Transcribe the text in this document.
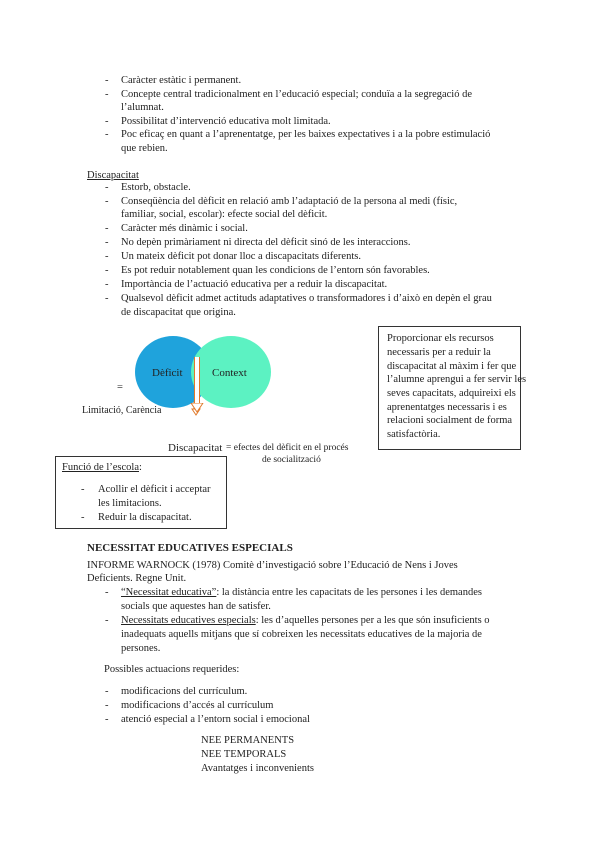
- Caràcter estàtic i permanent.
- Concepte central tradicionalment en l’educació especial; conduïa a la segregació de
l’alumnat.
- Possibilitat d’intervenció educativa molt limitada.
- Poc eficaç en quant a l’aprenentatge, per les baixes expectatives i a la pobre estimulació
que rebien.
Discapacitat
- Estorb, obstacle.
- Conseqüència del dèficit en relació amb l’adaptació de la persona al medi (físic,
familiar, social, escolar): efecte social del dèficit.
- Caràcter més dinàmic i social.
- No depèn primàriament ni directa del dèficit sinó de les interaccions.
- Un mateix dèficit pot donar lloc a discapacitats diferents.
- Es pot reduir notablement quan les condicions de l’entorn són favorables.
- Importància de l’actuació educativa per a reduir la discapacitat.
- Qualsevol dèficit admet actituds adaptatives o transformadores i d’això en depèn el grau
de discapacitat que origina.
Dèficit	Context
=
Limitació, Carència
Discapacitat = efectes del dèficit en el procés
de socialització
Proporcionar els recursos
necessaris per a reduir la
discapacitat al màxim i fer que
l’alumne aprengui a fer servir les
seves capacitats, adquireixi els
aprenentatges necessaris i es
relacioni socialment de forma
satisfactòria.
Funció de l’escola:
- Acollir el dèficit i acceptar
les limitacions.
- Reduir la discapacitat.
NECESSITAT EDUCATIVES ESPECIALS
INFORME WARNOCK (1978) Comitè d’investigació sobre l’Educació de Nens i Joves
Deficients. Regne Unit.
- “Necessitat educativa”: la distància entre les capacitats de les persones i les demandes
socials que aquestes han de satisfer.
- Necessitats educatives especials: les d’aquelles persones per a les que són insuficients o
inadequats aquells mitjans que sí cobreixen les necessitats educatives de la majoria de
persones.
Possibles actuacions requerides:
- modificacions del currículum.
- modificacions d’accés al currículum
- atenció especial a l’entorn social i emocional
NEE PERMANENTS
NEE TEMPORALS
Avantatges i inconvenients
